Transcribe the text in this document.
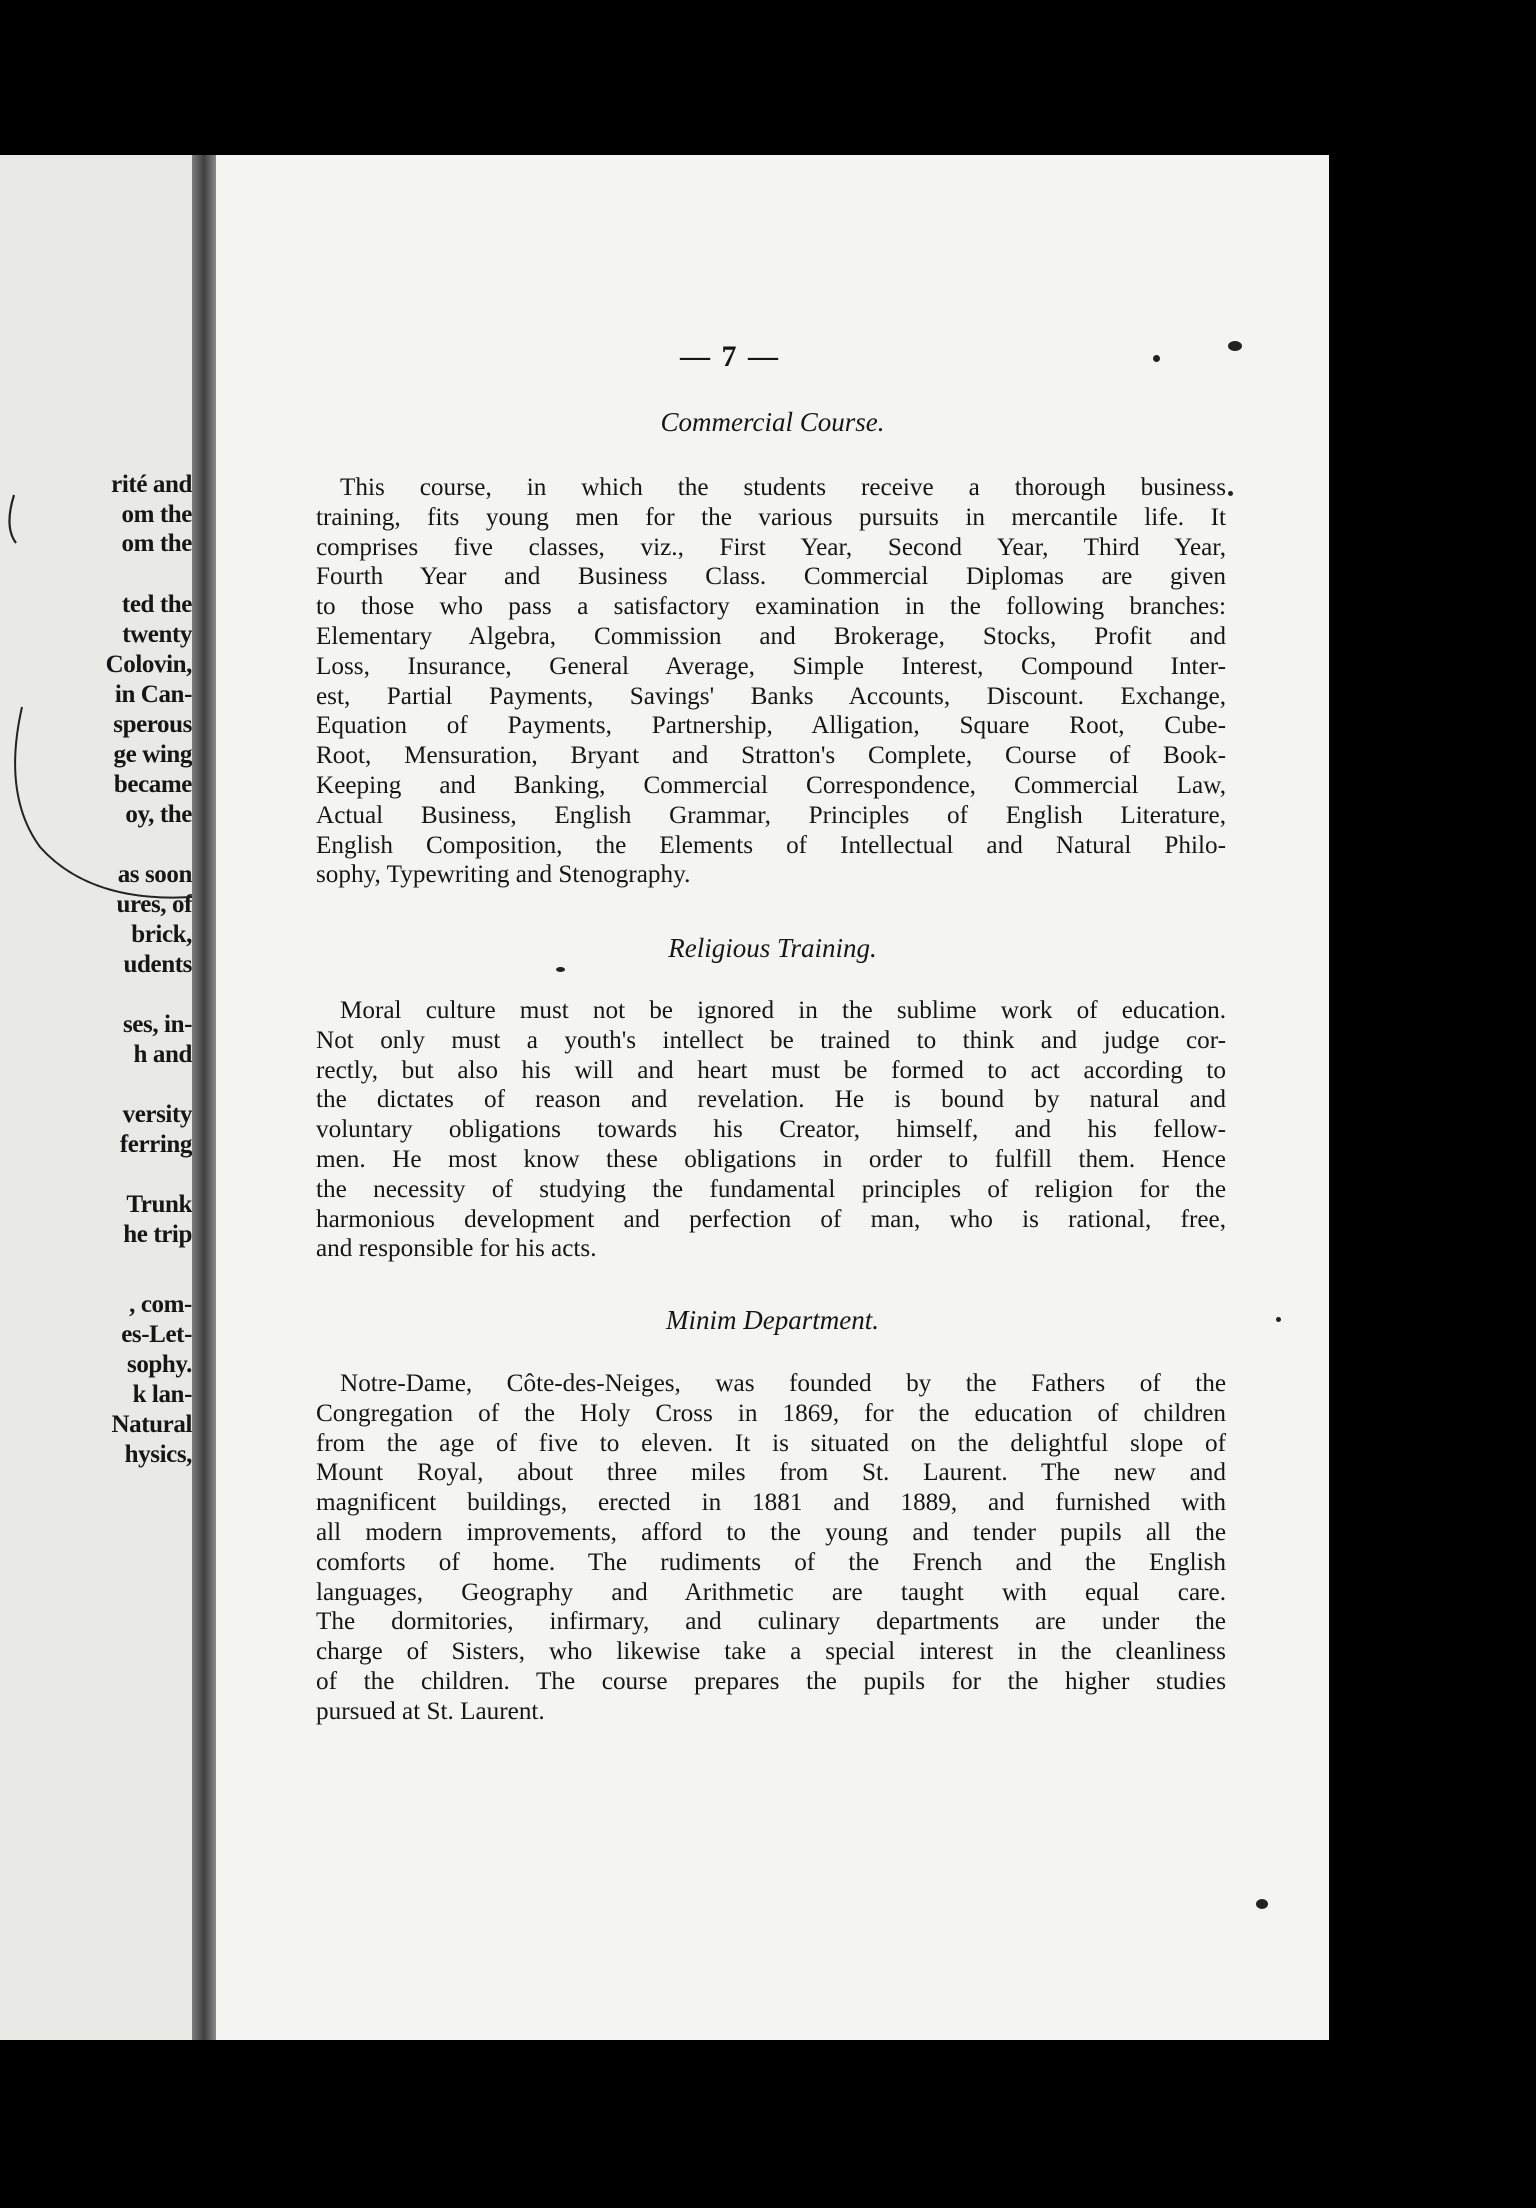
rité and
om the
om the
ted the
twenty
Colovin,
in Can-
sperous
ge wing
became
oy, the
as soon
ures, of
brick,
udents
ses, in-
h and
versity
ferring
Trunk
he trip
, com-
es-Let-
sophy.
k lan-
Natural
hysics,
— 7 —
Commercial Course.
This course, in which the students receive a thorough business
training, fits young men for the various pursuits in mercantile life. It
comprises five classes, viz., First Year, Second Year, Third Year,
Fourth Year and Business Class. Commercial Diplomas are given
to those who pass a satisfactory examination in the following branches:
Elementary Algebra, Commission and Brokerage, Stocks, Profit and
Loss, Insurance, General Average, Simple Interest, Compound Inter-
est, Partial Payments, Savings' Banks Accounts, Discount. Exchange,
Equation of Payments, Partnership, Alligation, Square Root, Cube-
Root, Mensuration, Bryant and Stratton's Complete, Course of Book-
Keeping and Banking, Commercial Correspondence, Commercial Law,
Actual Business, English Grammar, Principles of English Literature,
English Composition, the Elements of Intellectual and Natural Philo-
sophy, Typewriting and Stenography.
Religious Training.
Moral culture must not be ignored in the sublime work of education.
Not only must a youth's intellect be trained to think and judge cor-
rectly, but also his will and heart must be formed to act according to
the dictates of reason and revelation. He is bound by natural and
voluntary obligations towards his Creator, himself, and his fellow-
men. He most know these obligations in order to fulfill them. Hence
the necessity of studying the fundamental principles of religion for the
harmonious development and perfection of man, who is rational, free,
and responsible for his acts.
Minim Department.
Notre-Dame, Côte-des-Neiges, was founded by the Fathers of the
Congregation of the Holy Cross in 1869, for the education of children
from the age of five to eleven. It is situated on the delightful slope of
Mount Royal, about three miles from St. Laurent. The new and
magnificent buildings, erected in 1881 and 1889, and furnished with
all modern improvements, afford to the young and tender pupils all the
comforts of home. The rudiments of the French and the English
languages, Geography and Arithmetic are taught with equal care.
The dormitories, infirmary, and culinary departments are under the
charge of Sisters, who likewise take a special interest in the cleanliness
of the children. The course prepares the pupils for the higher studies
pursued at St. Laurent.
